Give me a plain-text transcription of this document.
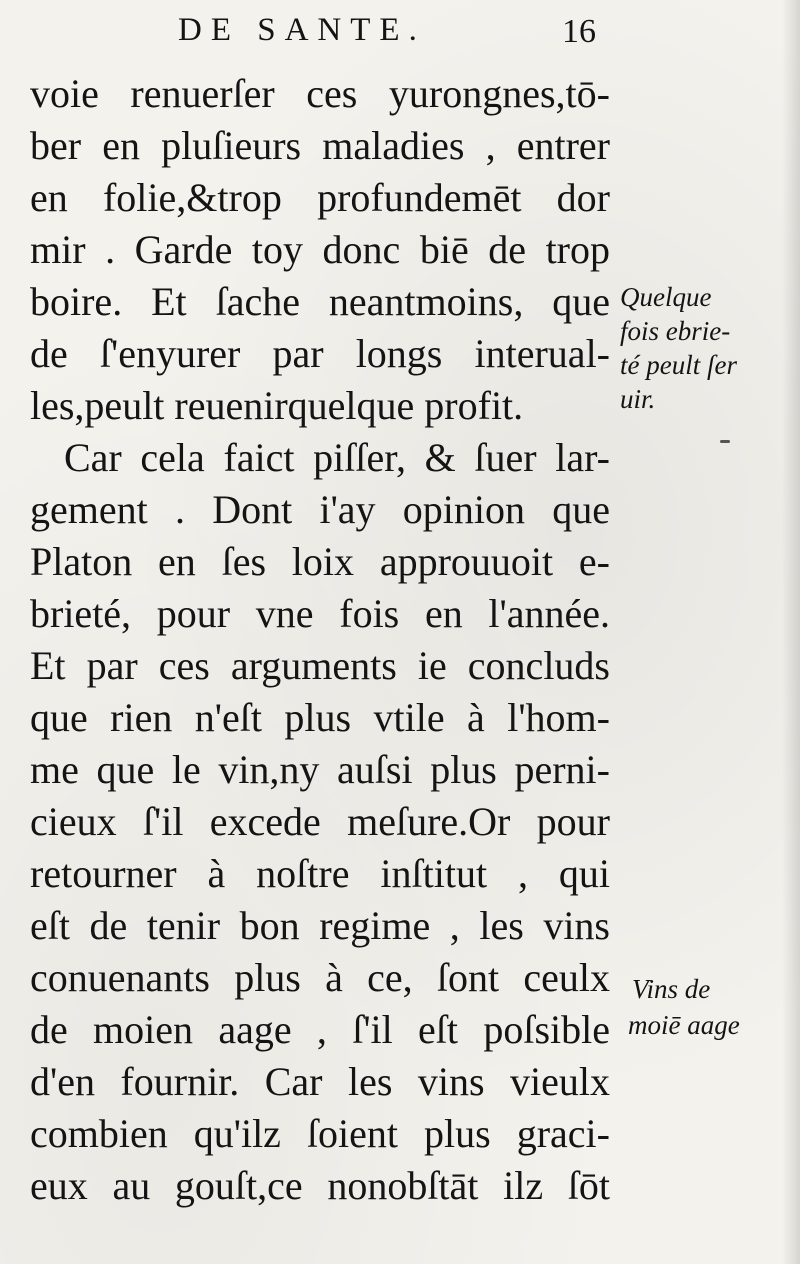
DE SANTE.	16
voie renuerſer ces yurongnes,tō-
ber en pluſieurs maladies , entrer
en folie,&trop profundemēt dor
mir . Garde toy donc biē de trop
boire. Et ſache neantmoins, que
de ſ'enyurer par longs interual-
les,peult reuenirquelque profit.
Car cela faict piſſer, & ſuer lar-
gement . Dont i'ay opinion que
Platon en ſes loix approuuoit e-
brieté, pour vne fois en l'année.
Et par ces arguments ie concluds
que rien n'eſt plus vtile à l'hom-
me que le vin,ny auſsi plus perni-
cieux ſ'il excede meſure.Or pour
retourner à noſtre inſtitut , qui
eſt de tenir bon regime , les vins
conuenants plus à ce, ſont ceulx
de moien aage , ſ'il eſt poſsible
d'en fournir. Car les vins vieulx
combien qu'ilz ſoient plus graci-
eux au gouſt,ce nonobſtāt ilz ſōt
Quelque
fois ebrie-
té peult ſer
uir.
Vins de
moiē aage
